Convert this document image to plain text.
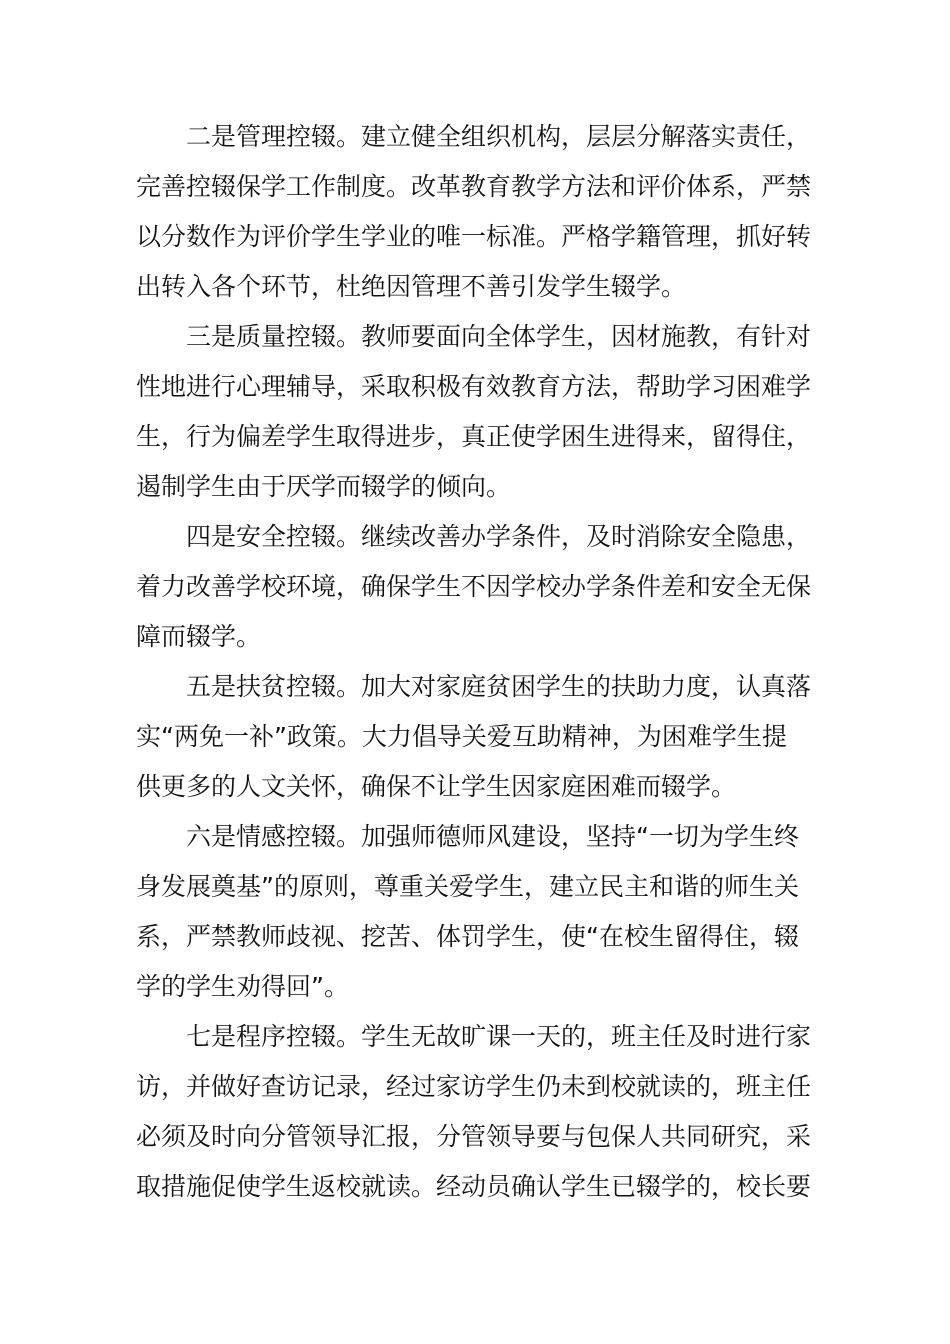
二是管理控辍。建立健全组织机构，层层分解落实责任，
完善控辍保学工作制度。改革教育教学方法和评价体系，严禁
以分数作为评价学生学业的唯一标准。严格学籍管理，抓好转
出转入各个环节，杜绝因管理不善引发学生辍学。

三是质量控辍。教师要面向全体学生，因材施教，有针对
性地进行心理辅导，采取积极有效教育方法，帮助学习困难学
生，行为偏差学生取得进步，真正使学困生进得来，留得住，
遏制学生由于厌学而辍学的倾向。

四是安全控辍。继续改善办学条件，及时消除安全隐患，
着力改善学校环境，确保学生不因学校办学条件差和安全无保
障而辍学。

五是扶贫控辍。加大对家庭贫困学生的扶助力度，认真落
实“两免一补”政策。大力倡导关爱互助精神，为困难学生提
供更多的人文关怀，确保不让学生因家庭困难而辍学。

六是情感控辍。加强师德师风建设，坚持“一切为学生终
身发展奠基”的原则，尊重关爱学生，建立民主和谐的师生关
系，严禁教师歧视、挖苦、体罚学生，使“在校生留得住，辍
学的学生劝得回”。

七是程序控辍。学生无故旷课一天的，班主任及时进行家
访，并做好查访记录，经过家访学生仍未到校就读的，班主任
必须及时向分管领导汇报，分管领导要与包保人共同研究，采
取措施促使学生返校就读。经动员确认学生已辍学的，校长要
